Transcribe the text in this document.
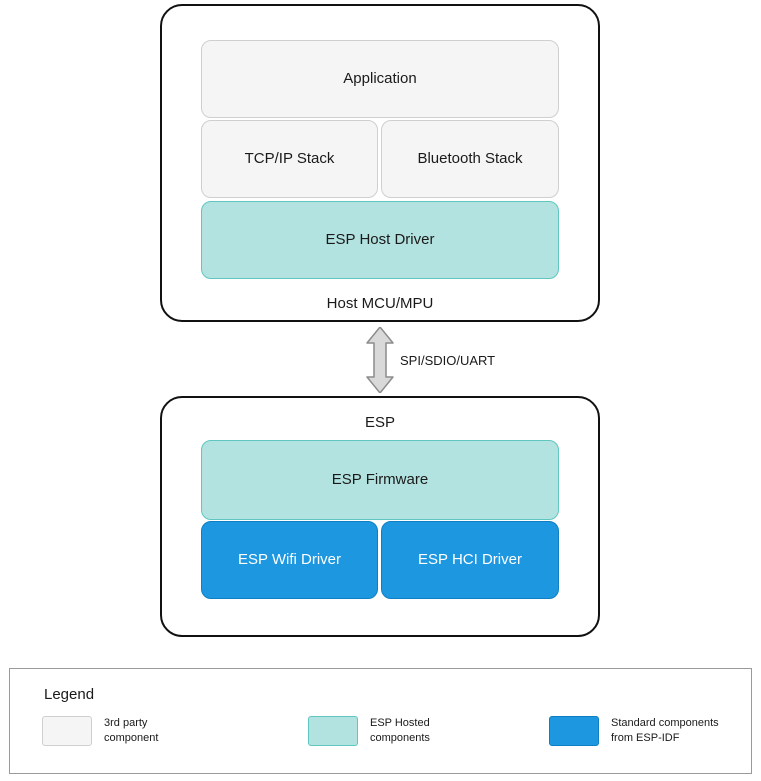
Host MCU/MPU
Application
TCP/IP Stack	Bluetooth Stack
ESP Host Driver
SPI/SDIO/UART
ESP
ESP Firmware
ESP Wifi Driver	ESP HCI Driver
Legend
3rd party
component
ESP Hosted
components
Standard components
from ESP-IDF
